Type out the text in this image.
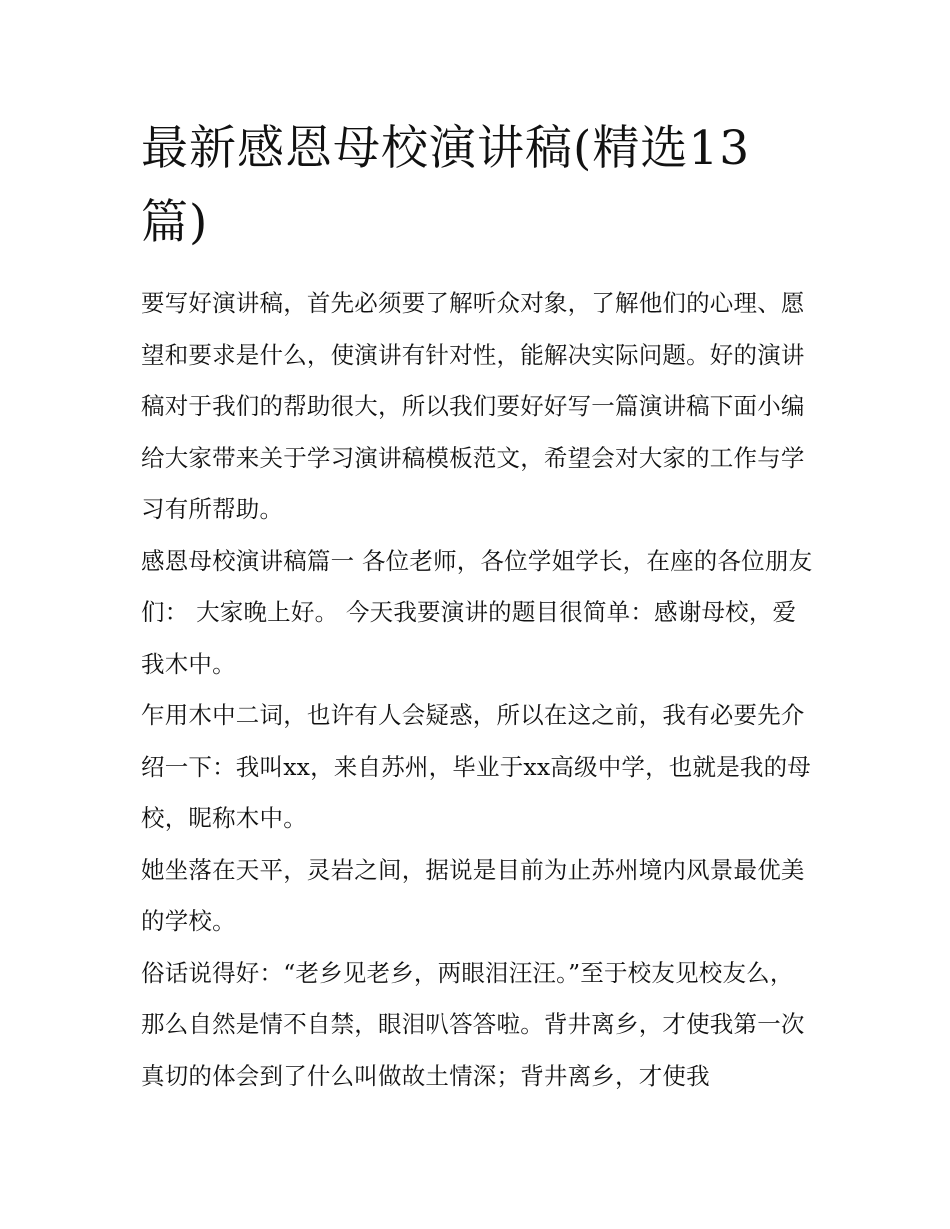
最新感恩母校演讲稿(精选13篇)

要写好演讲稿，首先必须要了解听众对象，了解他们的心理、愿望和要求是什么，使演讲有针对性，能解决实际问题。好的演讲稿对于我们的帮助很大，所以我们要好好写一篇演讲稿下面小编给大家带来关于学习演讲稿模板范文，希望会对大家的工作与学习有所帮助。

感恩母校演讲稿篇一 各位老师，各位学姐学长，在座的各位朋友们： 大家晚上好。 今天我要演讲的题目很简单：感谢母校，爱我木中。

乍用木中二词，也许有人会疑惑，所以在这之前，我有必要先介绍一下：我叫xx，来自苏州，毕业于xx高级中学，也就是我的母校，昵称木中。

她坐落在天平，灵岩之间，据说是目前为止苏州境内风景最优美的学校。

俗话说得好：“老乡见老乡，两眼泪汪汪。”至于校友见校友么，那么自然是情不自禁，眼泪叭答答啦。背井离乡，才使我第一次真切的体会到了什么叫做故土情深；背井离乡，才使我
